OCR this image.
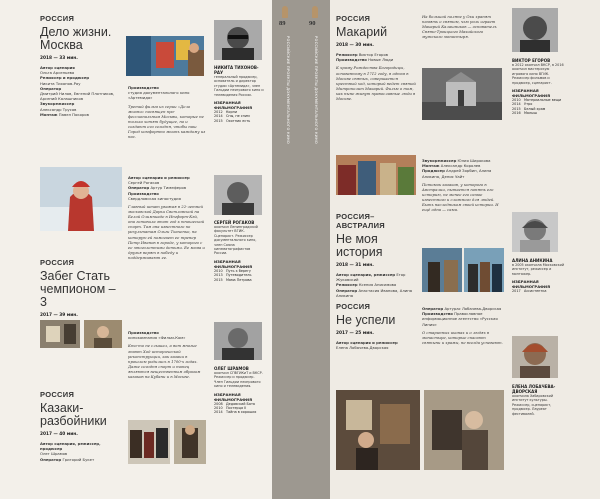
РОССИЯ
Дело жизни. Москва
2018 — 33 мин.
Автор сценария
Ольга Арсеньева
Режиссер и продюсер
Никита Тихонов-Рау
Оператор
Дмитрий Нилов, Евгений Плотников, Арсений Калашников
Звукорежиссер
Александр Трусов
Монтаж Павел Покоров
Производство
студия документального кино «Артемида»
Третий фильм из серии «Дело жизни» посвящен про-фессиональным Москвы, которые не только хотят будущее, но и создают его сегодня, чтобы наш Город комфортно жизнь каждому из нас.
РОССИЯ
Забег Стать чемпионом – 3
2017 — 39 мин.
Автор сценария и режиссер
Сергей Рогаков
Оператор Артур Тимеферов
Производство
Свердловская киностудия
Главный штат уважая в 22-летней московской Дарьи Светловской на Белой Олимпиаде в Ингфорт-Кэй, она готовила этот год к юношеской спорт. Там она известного по результатам Ольги Ткаченко, на которую ей помогает ее тренер Петр Иванов в городе, у которого с ее многолетними детьми. Ее мама и друзья верят в победу и поддерживают ее.
РОССИЯ
Казаки-разбойники
2017 — 40 мин.
Автор сценария, режиссер, продюсер
Олег Шрамов
Оператор Григорий Букет
Производство
кинокомпания «Фильм-Ком»
Кто-то не слышал, а вот многие знают Ход исторической реконструкции, как казаки в прошлом родились в 1700-х годах. Даже сегодня спорт и танец являются вещественным образом казаков на Кубани и в Москве.
НИКИТА ТИХОНОВ-РАУ
генеральный продюсер, основатель и директор студии «Артемида», член Гильдии неигрового кино и телевидения России.
ИЗБРАННАЯ ФИЛЬМОГРАФИЯ
2012 Корни
2014 Сны, не спим
2015 Охотник есть
СЕРГЕЙ РОГАКОВ
окончил Ленинградский факультет ВГИК. Сценарист. Режиссер документального кино, член Союза кинематографистов России.
ИЗБРАННАЯ ФИЛЬМОГРАФИЯ
2010 Путь к берегу
2013 Путеводитель
2015 Мама Петрова
ОЛЕГ ШРАМОВ
окончил СПбГИКиТ и ВКСР. Режиссер и продюсер. Член Гильдии неигрового кино и телевидения.
ИЗБРАННАЯ ФИЛЬМОГРАФИЯ
2008 Дедовский Бата
2010 Постерца II
2014 Тайна в хороших
89
РОССИЙСКИЕ ПРОЕКТЫ ДОКУМЕНТАЛЬНОГО КИНО
90
РОССИЙСКИЕ ПРОЕКТЫ ДОКУМЕНТАЛЬНОГО КИНО
РОССИЯ
Макарий
2018 — 30 мин.
Режиссер Виктор Егоров
Производство Новые Люди
К храму Рождества Богородицы, основанному в 1712 году, в одном в Москве святых, совершается крестный ход, который ведет святой Митрополит Макарий. Фильм о том, как ныне живут православные люди в Москве.
На большой поляне у Оки хранят память о святом, чью роль играет Макарий Калашников — основатель Свято-Троицкого Махийского мужского монастыря.
Звукорежиссер Юлия Широкова
Монтаж Александр Королев
Продюсер Андрей Зорбин, Алина Аникина, Денис Уайт
Потомок казаков, у которого в Австралии, пытается понять его историю, не менее его самое известного и сложного для людей. Быть наследником своей истории. И ещё одна — сама.
РОССИЯ– АВСТРАЛИЯ
Не моя история
2018 — 31 мин.
Автор сценария, режиссер Егор Жуковский
Режиссер Ксения Анисимова
Оператор Анастасия Иванова, Алина Аникина
РОССИЯ
Не успели
2017 — 25 мин.
Автор сценария и режиссер
Елена Лобачева-Дворская
Оператор Артурас Лобачева-Дворская
Производство Православное информационное агентство «Русская Линия»
О старинных иконах и о людях в монастыре, которые спасают святыни и храмы, не всегда успевают.
ВИКТОР ЕГОРОВ
в 2012 окончил ВКСР, в 2016 окончил мастерскую игрового кино ВГИК. Режиссер фильмов и продюсер, сценарист.
ИЗБРАННАЯ ФИЛЬМОГРАФИЯ
2010 Материальные вещи
2014 Утро
2015 Белый храм
2016 Малыш
АЛИНА АНИКИНА
в 2005 окончила Московский институт, режиссер и монтажер.
ИЗБРАННАЯ ФИЛЬМОГРАФИЯ
2017 Ассистентка
ЕЛЕНА ЛОБАЧЕВА-ДВОРСКАЯ
окончила Хабаровский институт культуры. Режиссер, сценарист, продюсер. Лауреат фестивалей.
